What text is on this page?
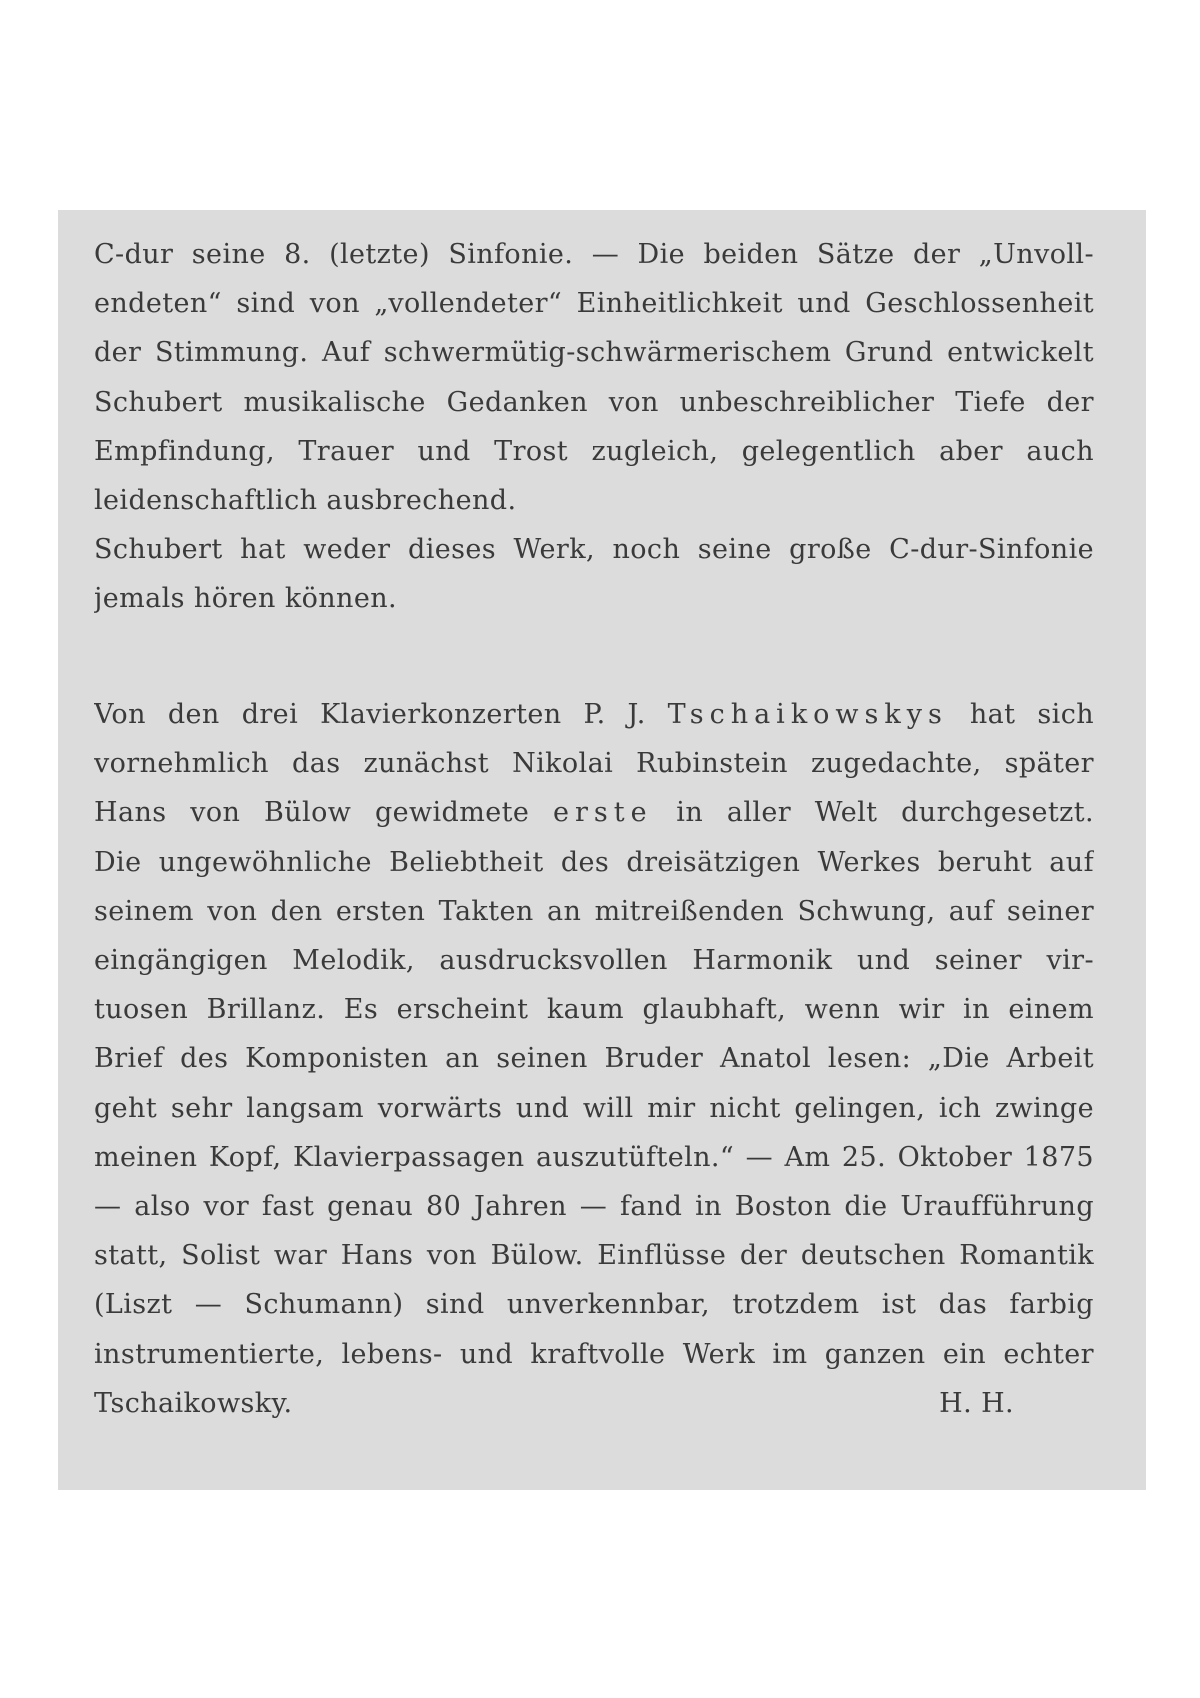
C-dur seine 8. (letzte) Sinfonie. — Die beiden Sätze der „Unvoll-
endeten“ sind von „vollendeter“ Einheitlichkeit und Geschlossenheit
der Stimmung. Auf schwermütig-schwärmerischem Grund entwickelt
Schubert musikalische Gedanken von unbeschreiblicher Tiefe der
Empfindung, Trauer und Trost zugleich, gelegentlich aber auch
leidenschaftlich ausbrechend.
Schubert hat weder dieses Werk, noch seine große C-dur-Sinfonie
jemals hören können.
Von den drei Klavierkonzerten P. J. Tschaikowskys hat sich
vornehmlich das zunächst Nikolai Rubinstein zugedachte, später
Hans von Bülow gewidmete erste in aller Welt durchgesetzt.
Die ungewöhnliche Beliebtheit des dreisätzigen Werkes beruht auf
seinem von den ersten Takten an mitreißenden Schwung, auf seiner
eingängigen Melodik, ausdrucksvollen Harmonik und seiner vir-
tuosen Brillanz. Es erscheint kaum glaubhaft, wenn wir in einem
Brief des Komponisten an seinen Bruder Anatol lesen: „Die Arbeit
geht sehr langsam vorwärts und will mir nicht gelingen, ich zwinge
meinen Kopf, Klavierpassagen auszutüfteln.“ — Am 25. Oktober 1875
— also vor fast genau 80 Jahren — fand in Boston die Uraufführung
statt, Solist war Hans von Bülow. Einflüsse der deutschen Romantik
(Liszt — Schumann) sind unverkennbar, trotzdem ist das farbig
instrumentierte, lebens- und kraftvolle Werk im ganzen ein echter
Tschaikowsky.	H. H.
